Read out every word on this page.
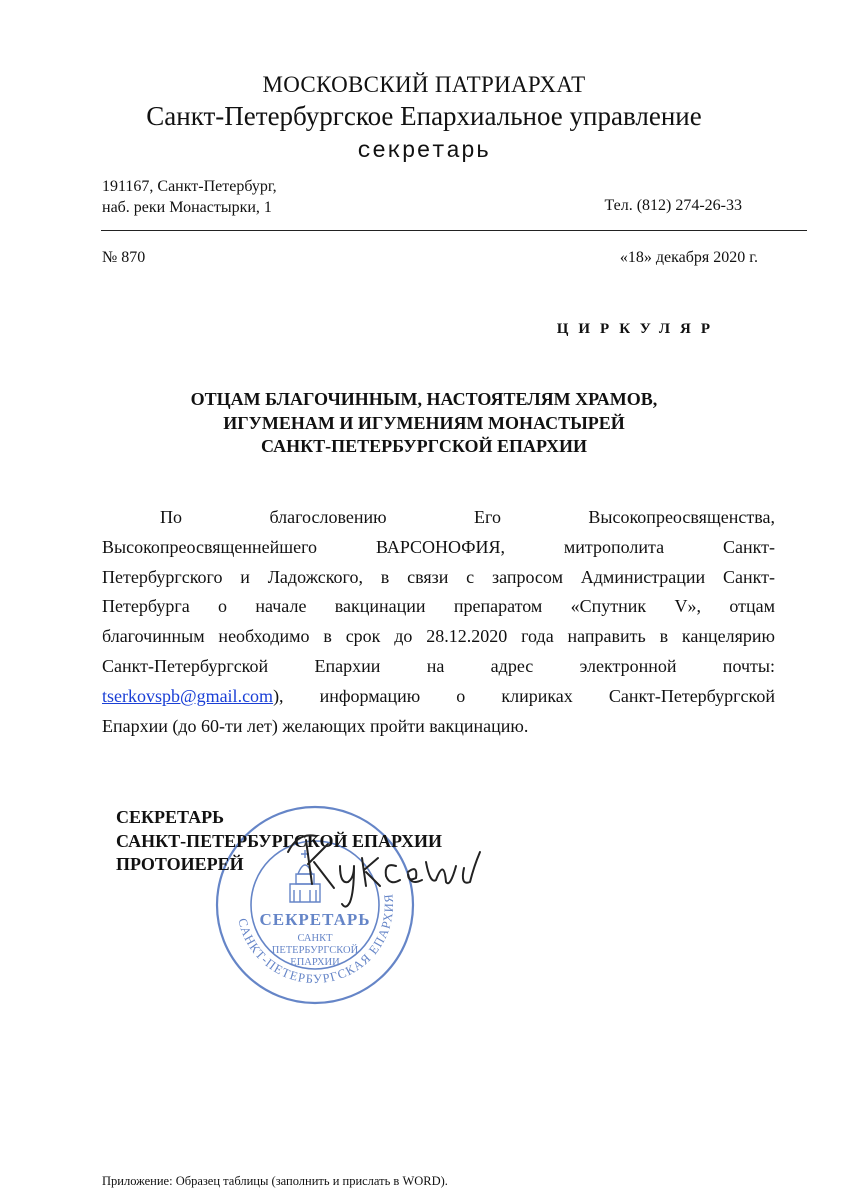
МОСКОВСКИЙ ПАТРИАРХАТ
Санкт-Петербургское Епархиальное управление
секретарь
191167, Санкт-Петербург,
наб. реки Монастырки, 1	Тел. (812) 274-26-33
№ 870	«18» декабря 2020 г.
ЦИРКУЛЯР
ОТЦАМ БЛАГОЧИННЫМ, НАСТОЯТЕЛЯМ ХРАМОВ,
ИГУМЕНАМ И ИГУМЕНИЯМ МОНАСТЫРЕЙ
САНКТ-ПЕТЕРБУРГСКОЙ ЕПАРХИИ
По благословению Его Высокопреосвященства,
Высокопреосвященнейшего ВАРСОНОФИЯ, митрополита Санкт-
Петербургского и Ладожского, в связи с запросом Администрации Санкт-
Петербурга о начале вакцинации препаратом «Спутник V», отцам
благочинным необходимо в срок до 28.12.2020 года направить в канцелярию
Санкт-Петербургской Епархии на адрес электронной почты:
tserkovspb@gmail.com), информацию о клириках Санкт-Петербургской
Епархии (до 60-ти лет) желающих пройти вакцинацию.
САНКТ-ПЕТЕРБУРГСКАЯ ЕПАРХИЯ
СЕКРЕТАРЬ
САНКТ
ПЕТЕРБУРГСКОЙ
ЕПАРХИИ
СЕКРЕТАРЬ
САНКТ-ПЕТЕРБУРГСКОЙ ЕПАРХИИ
ПРОТОИЕРЕЙ
Приложение: Образец таблицы (заполнить и прислать в WORD).
